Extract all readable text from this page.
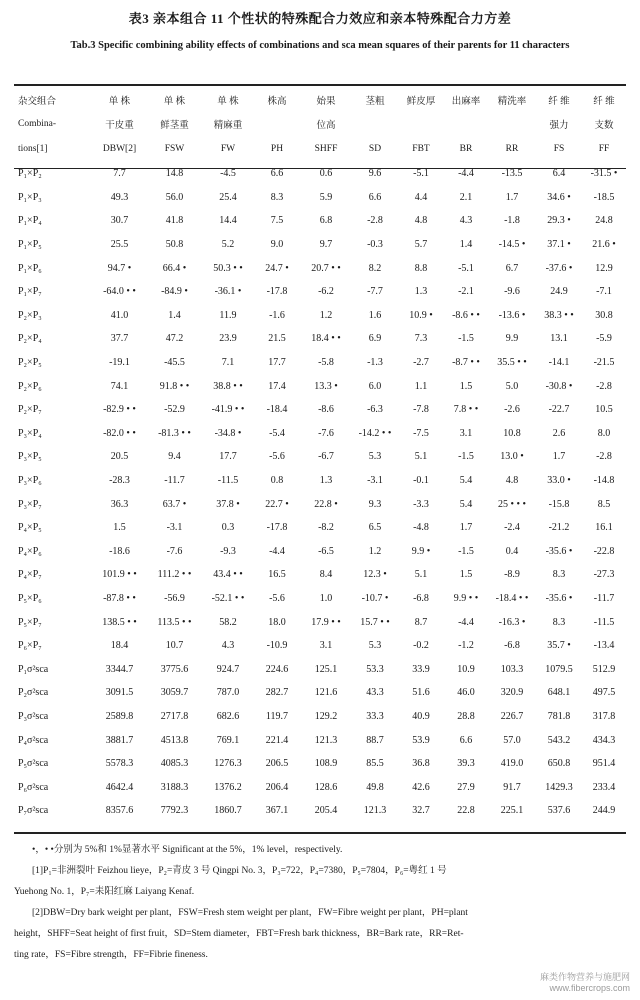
表3 亲本组合 11 个性状的特殊配合力效应和亲本特殊配合力方差
Tab.3 Specific combining ability effects of combinations and sca mean squares of their parents for 11 characters
杂交组合	单 株	单 株	单 株	株高	始果	茎粗	鲜皮厚	出麻率	精洗率	纤 维	纤 维
Combina-	干皮重	鲜茎重	精麻重		位高					强力	支数
tions[1]	DBW[2]	FSW	FW	PH	SHFF	SD	FBT	BR	RR	FS	FF
P₁×P₂	7.7	14.8	-4.5	6.6	0.6	9.6	-5.1	-4.4	-13.5	6.4	-31.5 •
P₁×P₃	49.3	56.0	25.4	8.3	5.9	6.6	4.4	2.1	1.7	34.6 •	-18.5
P₁×P₄	30.7	41.8	14.4	7.5	6.8	-2.8	4.8	4.3	-1.8	29.3 •	24.8
P₁×P₅	25.5	50.8	5.2	9.0	9.7	-0.3	5.7	1.4	-14.5 •	37.1 •	21.6 •
P₁×P₆	94.7 •	66.4 •	50.3 • •	24.7 •	20.7 • •	8.2	8.8	-5.1	6.7	-37.6 •	12.9
P₁×P₇	-64.0 • •	-84.9 •	-36.1 •	-17.8	-6.2	-7.7	1.3	-2.1	-9.6	24.9	-7.1
P₂×P₃	41.0	1.4	11.9	-1.6	1.2	1.6	10.9 •	-8.6 • •	-13.6 •	38.3 • •	30.8
P₂×P₄	37.7	47.2	23.9	21.5	18.4 • •	6.9	7.3	-1.5	9.9	13.1	-5.9
P₂×P₅	-19.1	-45.5	7.1	17.7	-5.8	-1.3	-2.7	-8.7 • •	35.5 • •	-14.1	-21.5
P₂×P₆	74.1	91.8 • •	38.8 • •	17.4	13.3 •	6.0	1.1	1.5	5.0	-30.8 •	-2.8
P₂×P₇	-82.9 • •	-52.9	-41.9 • •	-18.4	-8.6	-6.3	-7.8	7.8 • •	-2.6	-22.7	10.5
P₃×P₄	-82.0 • •	-81.3 • •	-34.8 •	-5.4	-7.6	-14.2 • •	-7.5	3.1	10.8	2.6	8.0
P₃×P₅	20.5	9.4	17.7	-5.6	-6.7	5.3	5.1	-1.5	13.0 •	1.7	-2.8
P₃×P₆	-28.3	-11.7	-11.5	0.8	1.3	-3.1	-0.1	5.4	4.8	33.0 •	-14.8
P₃×P₇	36.3	63.7 •	37.8 •	22.7 •	22.8 •	9.3	-3.3	5.4	25 • • •	-15.8	8.5
P₄×P₅	1.5	-3.1	0.3	-17.8	-8.2	6.5	-4.8	1.7	-2.4	-21.2	16.1
P₄×P₆	-18.6	-7.6	-9.3	-4.4	-6.5	1.2	9.9 •	-1.5	0.4	-35.6 •	-22.8
P₄×P₇	101.9 • •	111.2 • •	43.4 • •	16.5	8.4	12.3 •	5.1	1.5	-8.9	8.3	-27.3
P₅×P₆	-87.8 • •	-56.9	-52.1 • •	-5.6	1.0	-10.7 •	-6.8	9.9 • •	-18.4 • •	-35.6 •	-11.7
P₅×P₇	138.5 • •	113.5 • •	58.2	18.0	17.9 • •	15.7 • •	8.7	-4.4	-16.3 •	8.3	-11.5
P₆×P₇	18.4	10.7	4.3	-10.9	3.1	5.3	-0.2	-1.2	-6.8	35.7 •	-13.4
P₁σ²sca	3344.7	3775.6	924.7	224.6	125.1	53.3	33.9	10.9	103.3	1079.5	512.9
P₂σ²sca	3091.5	3059.7	787.0	282.7	121.6	43.3	51.6	46.0	320.9	648.1	497.5
P₃σ²sca	2589.8	2717.8	682.6	119.7	129.2	33.3	40.9	28.8	226.7	781.8	317.8
P₄σ²sca	3881.7	4513.8	769.1	221.4	121.3	88.7	53.9	6.6	57.0	543.2	434.3
P₅σ²sca	5578.3	4085.3	1276.3	206.5	108.9	85.5	36.8	39.3	419.0	650.8	951.4
P₆σ²sca	4642.4	3188.3	1376.2	206.4	128.6	49.8	42.6	27.9	91.7	1429.3	233.4
P₇σ²sca	8357.6	7792.3	1860.7	367.1	205.4	121.3	32.7	22.8	225.1	537.6	244.9

•，• •分别为 5%和 1%显著水平 Significant at the 5%，1% level，respectively.

[1]P₁=非洲裂叶 Feizhou lieye，P₂=青皮 3 号 Qingpi No. 3，P₃=722，P₄=7380，P₅=7804，P₆=粤红 1 号

Yuehong No. 1，P₇=耒阳红麻 Laiyang Kenaf.

[2]DBW=Dry bark weight per plant，FSW=Fresh stem weight per plant，FW=Fibre weight per plant，PH=plant

height，SHFF=Seat height of first fruit，SD=Stem diameter，FBT=Fresh bark thickness，BR=Bark rate，RR=Ret-

ting rate，FS=Fibre strength，FF=Fibrie fineness.

麻类作物营养与施肥网
www.fibercrops.com
